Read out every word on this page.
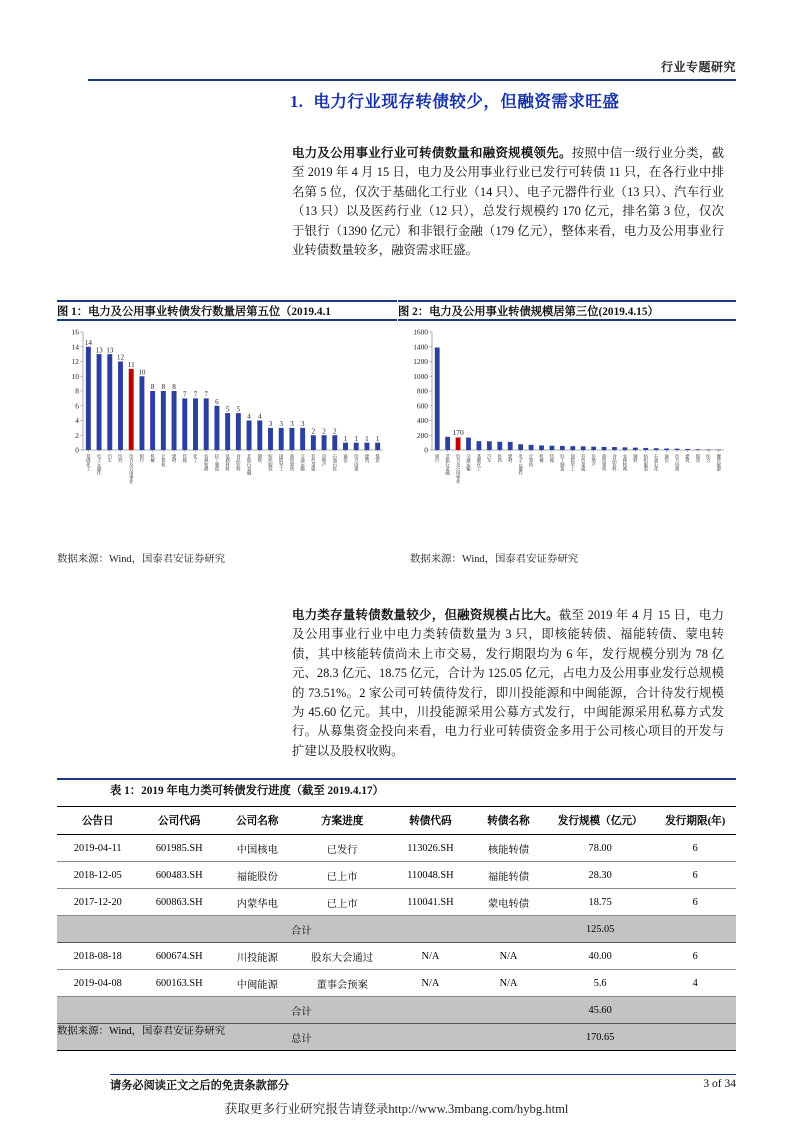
行业专题研究
1. 电力行业现存转债较少，但融资需求旺盛
电力及公用事业行业可转债数量和融资规模领先。按照中信一级行业分类，截至 2019 年 4 月 15 日，电力及公用事业行业已发行可转债 11 只，在各行业中排名第 5 位，仅次于基础化工行业（14 只）、电子元器件行业（13 只）、汽车行业（13 只）以及医药行业（12 只），总发行规模约 170 亿元，排名第 3 位，仅次于银行（1390 亿元）和非银行金融（179 亿元），整体来看，电力及公用事业行业转债数量较多，融资需求旺盛。
图 1：电力及公用事业转债发行数量居第五位（2019.4.1	图 2：电力及公用事业转债规模居第三位(2019.4.15）
0
2
4
6
8
10
12
14
16
14
13 13
12
11
10
8 8 8
7 7 7
6
5 5
4 4
3 3 3 3
2 2 2
1 1 1 1
基础化工 电子元器件 汽车 医药 电力及公用事业 银行 机械 计算机 建材 传媒 化工 农林牧渔 轻工制造 基础材料 食品饮料 非银行金融 钢铁 纺织服装 国防军工 商贸零售 交通运输 有色金属 房地产 石油石化 通信 电力设备 建筑 煤炭
0
200
400
600
800
1000
1200
1400
1600
170
银行 非银行金融 电力及公用事业 交通运输 基础化工 汽车 医药 建材 电子元器件 计算机 机械 传媒 轻工制造 国防军工 有色金属 房地产 商贸零售 食品饮料 农林牧渔 钢铁 纺织服装 石油石化 通信 电力设备 建筑 煤炭 综合 餐饮旅游
数据来源：Wind，国泰君安证券研究	数据来源：Wind，国泰君安证券研究
电力类存量转债数量较少，但融资规模占比大。截至 2019 年 4 月 15 日，电力及公用事业行业中电力类转债数量为 3 只，即核能转债、福能转债、蒙电转债，其中核能转债尚未上市交易，发行期限均为 6 年，发行规模分别为 78 亿元、28.3 亿元、18.75 亿元，合计为 125.05 亿元，占电力及公用事业发行总规模的 73.51%。2 家公司可转债待发行，即川投能源和中闽能源，合计待发行规模为 45.60 亿元。其中，川投能源采用公募方式发行，中闽能源采用私募方式发行。从募集资金投向来看，电力行业可转债资金多用于公司核心项目的开发与扩建以及股权收购。
表 1：2019 年电力类可转债发行进度（截至 2019.4.17）
公告日	公司代码	公司名称	方案进度	转债代码	转债名称	发行规模（亿元）	发行期限(年)
2019-04-11	601985.SH	中国核电	已发行	113026.SH	核能转债	78.00	6
2018-12-05	600483.SH	福能股份	已上市	110048.SH	福能转债	28.30	6
2017-12-20	600863.SH	内蒙华电	已上市	110041.SH	蒙电转债	18.75	6
合计						125.05	
2018-08-18	600674.SH	川投能源	股东大会通过	N/A	N/A	40.00	6
2019-04-08	600163.SH	中闽能源	董事会预案	N/A	N/A	5.6	4
合计						45.60	
总计						170.65	
数据来源：Wind，国泰君安证券研究
请务必阅读正文之后的免责条款部分	3 of 34
获取更多行业研究报告请登录http://www.3mbang.com/hybg.html
